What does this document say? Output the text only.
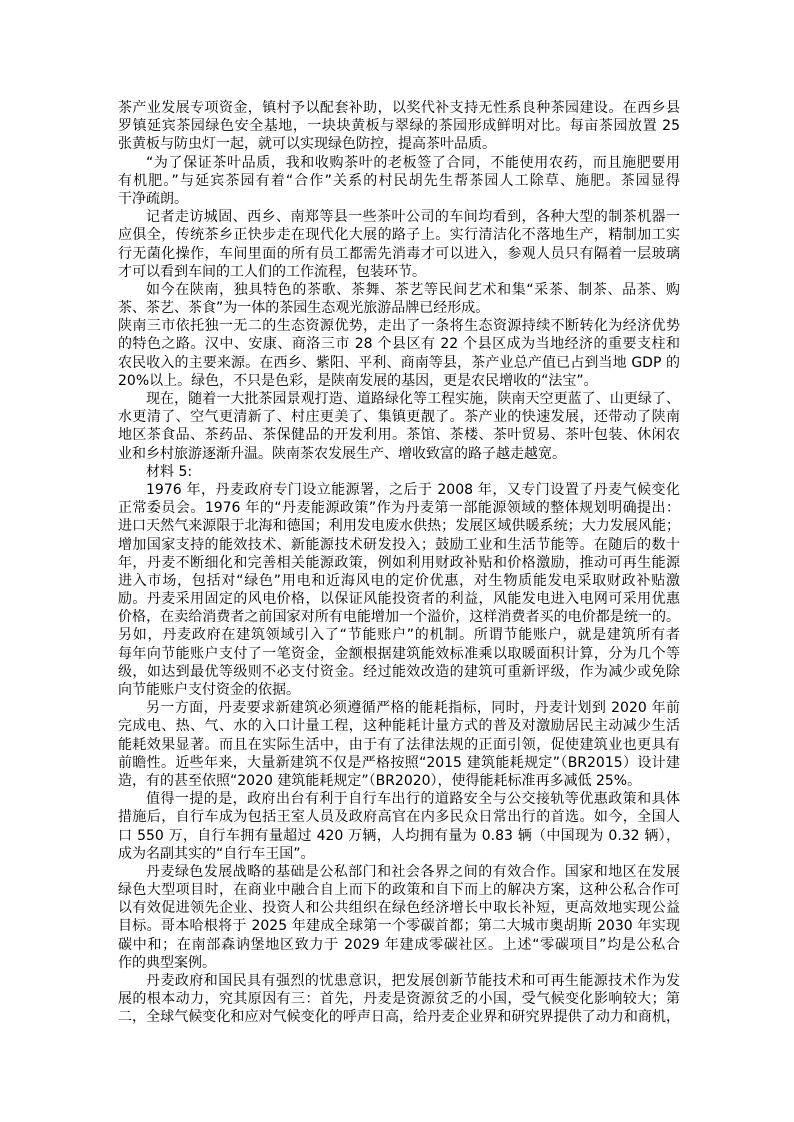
茶产业发展专项资金，镇村予以配套补助，以奖代补支持无性系良种茶园建设。在西乡县
罗镇延宾茶园绿色安全基地，一块块黄板与翠绿的茶园形成鲜明对比。每亩茶园放置 25
张黄板与防虫灯一起，就可以实现绿色防控，提高茶叶品质。
“为了保证茶叶品质，我和收购茶叶的老板签了合同，不能使用农药，而且施肥要用
有机肥。”与延宾茶园有着“合作”关系的村民胡先生帮茶园人工除草、施肥。茶园显得
干净疏朗。
记者走访城固、西乡、南郑等县一些茶叶公司的车间均看到，各种大型的制茶机器一
应俱全，传统茶乡正快步走在现代化大展的路子上。实行清洁化不落地生产，精制加工实
行无菌化操作，车间里面的所有员工都需先消毒才可以进入，参观人员只有隔着一层玻璃
才可以看到车间的工人们的工作流程，包装环节。
如今在陕南，独具特色的茶歌、茶舞、茶艺等民间艺术和集“采茶、制茶、品茶、购
茶、茶艺、茶食”为一体的茶园生态观光旅游品牌已经形成。
陕南三市依托独一无二的生态资源优势，走出了一条将生态资源持续不断转化为经济优势
的特色之路。汉中、安康、商洛三市 28 个县区有 22 个县区成为当地经济的重要支柱和
农民收入的主要来源。在西乡、紫阳、平利、商南等县，茶产业总产值已占到当地 GDP 的
20%以上。绿色，不只是色彩，是陕南发展的基因，更是农民增收的“法宝”。
现在，随着一大批茶园景观打造、道路绿化等工程实施，陕南天空更蓝了、山更绿了、
水更清了、空气更清新了、村庄更美了、集镇更靓了。茶产业的快速发展，还带动了陕南
地区茶食品、茶药品、茶保健品的开发利用。茶馆、茶楼、茶叶贸易、茶叶包装、休闲农
业和乡村旅游逐渐升温。陕南茶农发展生产、增收致富的路子越走越宽。
材料 5:
1976 年，丹麦政府专门设立能源署，之后于 2008 年，又专门设置了丹麦气候变化
正常委员会。1976 年的“丹麦能源政策”作为丹麦第一部能源领域的整体规划明确提出：
进口天然气来源限于北海和德国；利用发电废水供热；发展区域供暖系统；大力发展风能；
增加国家支持的能效技术、新能源技术研发投入；鼓励工业和生活节能等。在随后的数十
年，丹麦不断细化和完善相关能源政策，例如利用财政补贴和价格激励，推动可再生能源
进入市场，包括对“绿色”用电和近海风电的定价优惠，对生物质能发电采取财政补贴激
励。丹麦采用固定的风电价格，以保证风能投资者的利益，风能发电进入电网可采用优惠
价格，在卖给消费者之前国家对所有电能增加一个溢价，这样消费者买的电价都是统一的。
另如，丹麦政府在建筑领域引入了“节能账户”的机制。所谓节能账户，就是建筑所有者
每年向节能账户支付了一笔资金，金额根据建筑能效标准乘以取暖面积计算，分为几个等
级，如达到最优等级则不必支付资金。经过能效改造的建筑可重新评级，作为减少或免除
向节能账户支付资金的依据。
另一方面，丹麦要求新建筑必须遵循严格的能耗指标，同时，丹麦计划到 2020 年前
完成电、热、气、水的入口计量工程，这种能耗计量方式的普及对激励居民主动减少生活
能耗效果显著。而且在实际生活中，由于有了法律法规的正面引领，促使建筑业也更具有
前瞻性。近些年来，大量新建筑不仅是严格按照“2015 建筑能耗规定”（BR2015）设计建
造，有的甚至依照“2020 建筑能耗规定”（BR2020），使得能耗标准再多减低 25%。
值得一提的是，政府出台有利于自行车出行的道路安全与公交接轨等优惠政策和具体
措施后，自行车成为包括王室人员及政府高官在内多民众日常出行的首选。如今，全国人
口 550 万，自行车拥有量超过 420 万辆，人均拥有量为 0.83 辆（中国现为 0.32 辆），
成为名副其实的“自行车王国”。
丹麦绿色发展战略的基础是公私部门和社会各界之间的有效合作。国家和地区在发展
绿色大型项目时，在商业中融合自上而下的政策和自下而上的解决方案，这种公私合作可
以有效促进领先企业、投资人和公共组织在绿色经济增长中取长补短，更高效地实现公益
目标。哥本哈根将于 2025 年建成全球第一个零碳首都；第二大城市奥胡斯 2030 年实现
碳中和；在南部森讷堡地区致力于 2029 年建成零碳社区。上述“零碳项目”均是公私合
作的典型案例。
丹麦政府和国民具有强烈的忧患意识，把发展创新节能技术和可再生能源技术作为发
展的根本动力，究其原因有三：首先，丹麦是资源贫乏的小国，受气候变化影响较大；第
二，全球气候变化和应对气候变化的呼声日高，给丹麦企业界和研究界提供了动力和商机，
